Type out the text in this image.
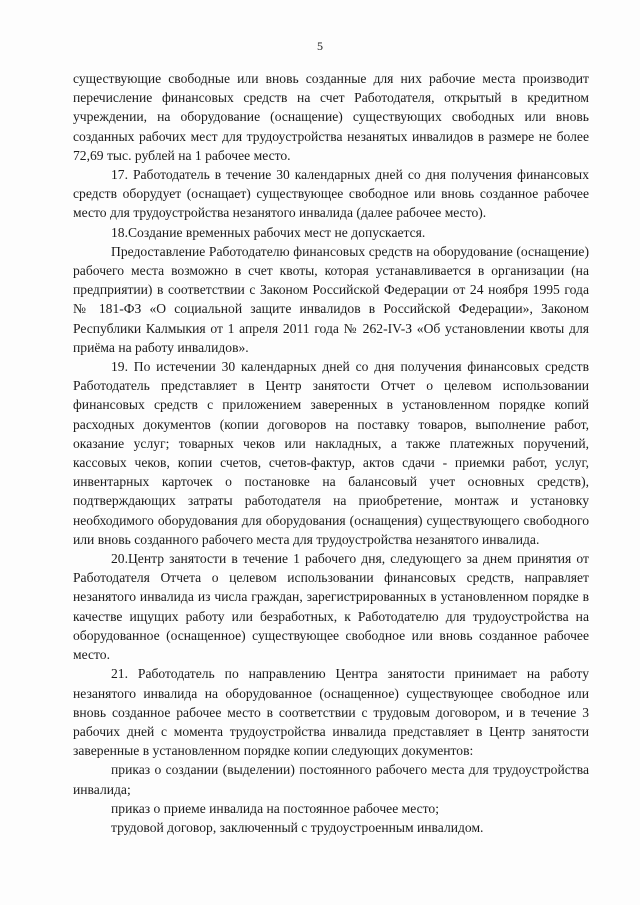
5

существующие свободные или вновь созданные для них рабочие места производит перечисление финансовых средств на счет Работодателя, открытый в кредитном учреждении, на оборудование (оснащение) существующих свободных или вновь созданных рабочих мест для трудоустройства незанятых инвалидов в размере не более 72,69 тыс. рублей на 1 рабочее место.

17. Работодатель в течение 30 календарных дней со дня получения финансовых средств оборудует (оснащает) существующее свободное или вновь созданное рабочее место для трудоустройства незанятого инвалида (далее рабочее место).

18.Создание временных рабочих мест не допускается.

Предоставление Работодателю финансовых средств на оборудование (оснащение) рабочего места возможно в счет квоты, которая устанавливается в организации (на предприятии) в соответствии с Законом Российской Федерации от 24 ноября 1995 года № 181-ФЗ «О социальной защите инвалидов в Российской Федерации», Законом Республики Калмыкия от 1 апреля 2011 года № 262-IV-З «Об установлении квоты для приёма на работу инвалидов».

19. По истечении 30 календарных дней со дня получения финансовых средств Работодатель представляет в Центр занятости Отчет о целевом использовании финансовых средств с приложением заверенных в установленном порядке копий расходных документов (копии договоров на поставку товаров, выполнение работ, оказание услуг; товарных чеков или накладных, а также платежных поручений, кассовых чеков, копии счетов, счетов-фактур, актов сдачи - приемки работ, услуг, инвентарных карточек о постановке на балансовый учет основных средств), подтверждающих затраты работодателя на приобретение, монтаж и установку необходимого оборудования для оборудования (оснащения) существующего свободного или вновь созданного рабочего места для трудоустройства незанятого инвалида.

20.Центр занятости в течение 1 рабочего дня, следующего за днем принятия от Работодателя Отчета о целевом использовании финансовых средств, направляет незанятого инвалида из числа граждан, зарегистрированных в установленном порядке в качестве ищущих работу или безработных, к Работодателю для трудоустройства на оборудованное (оснащенное) существующее свободное или вновь созданное рабочее место.

21. Работодатель по направлению Центра занятости принимает на работу незанятого инвалида на оборудованное (оснащенное) существующее свободное или вновь созданное рабочее место в соответствии с трудовым договором, и в течение 3 рабочих дней с момента трудоустройства инвалида представляет в Центр занятости заверенные в установленном порядке копии следующих документов:

приказ о создании (выделении) постоянного рабочего места для трудоустройства инвалида;

приказ о приеме инвалида на постоянное рабочее место;

трудовой договор, заключенный с трудоустроенным инвалидом.
